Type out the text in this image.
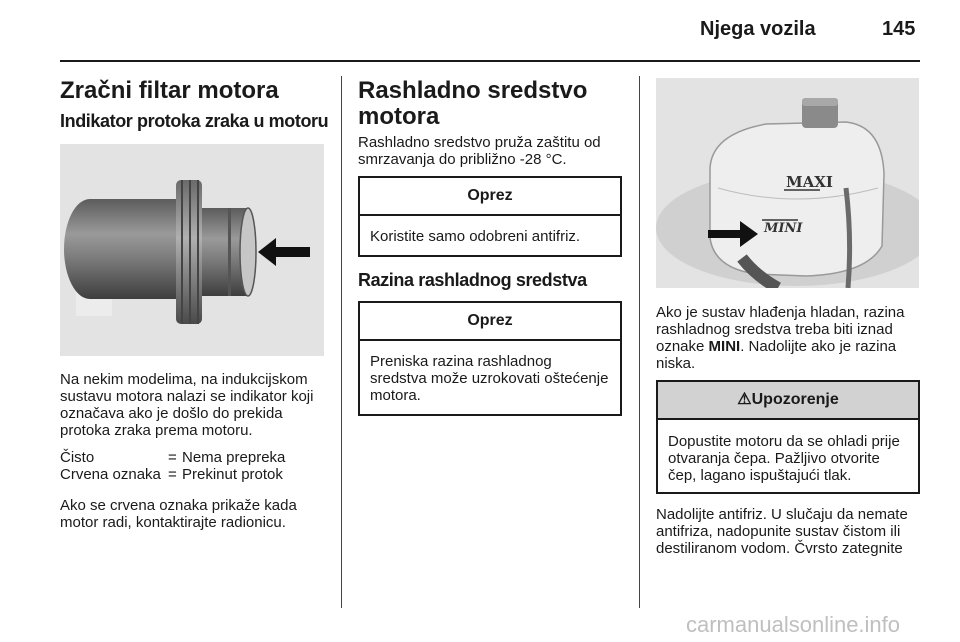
Njega vozila	145
Zračni filtar motora
Indikator protoka zraka u motoru

Na nekim modelima, na indukcijskom sustavu motora nalazi se indikator koji označava ako je došlo do prekida protoka zraka prema motoru.

Čisto	=	Nema prepreka
Crvena oznaka	=	Prekinut protok

Ako se crvena oznaka prikaže kada motor radi, kontaktirajte radionicu.

Rashladno sredstvo motora

Rashladno sredstvo pruža zaštitu od smrzavanja do približno -28 °C.

Oprez
Koristite samo odobreni antifriz.
Razina rashladnog sredstva
Oprez
Preniska razina rashladnog sredstva može uzrokovati oštećenje motora.
MAXI
MINI

Ako je sustav hlađenja hladan, razina rashladnog sredstva treba biti iznad oznake MINI. Nadolijte ako je razina niska.

⚠Upozorenje
Dopustite motoru da se ohladi prije otvaranja čepa. Pažljivo otvorite čep, lagano ispuštajući tlak.

Nadolijte antifriz. U slučaju da nemate antifriza, nadopunite sustav čistom ili destiliranom vodom. Čvrsto zategnite

carmanualsonline.info
